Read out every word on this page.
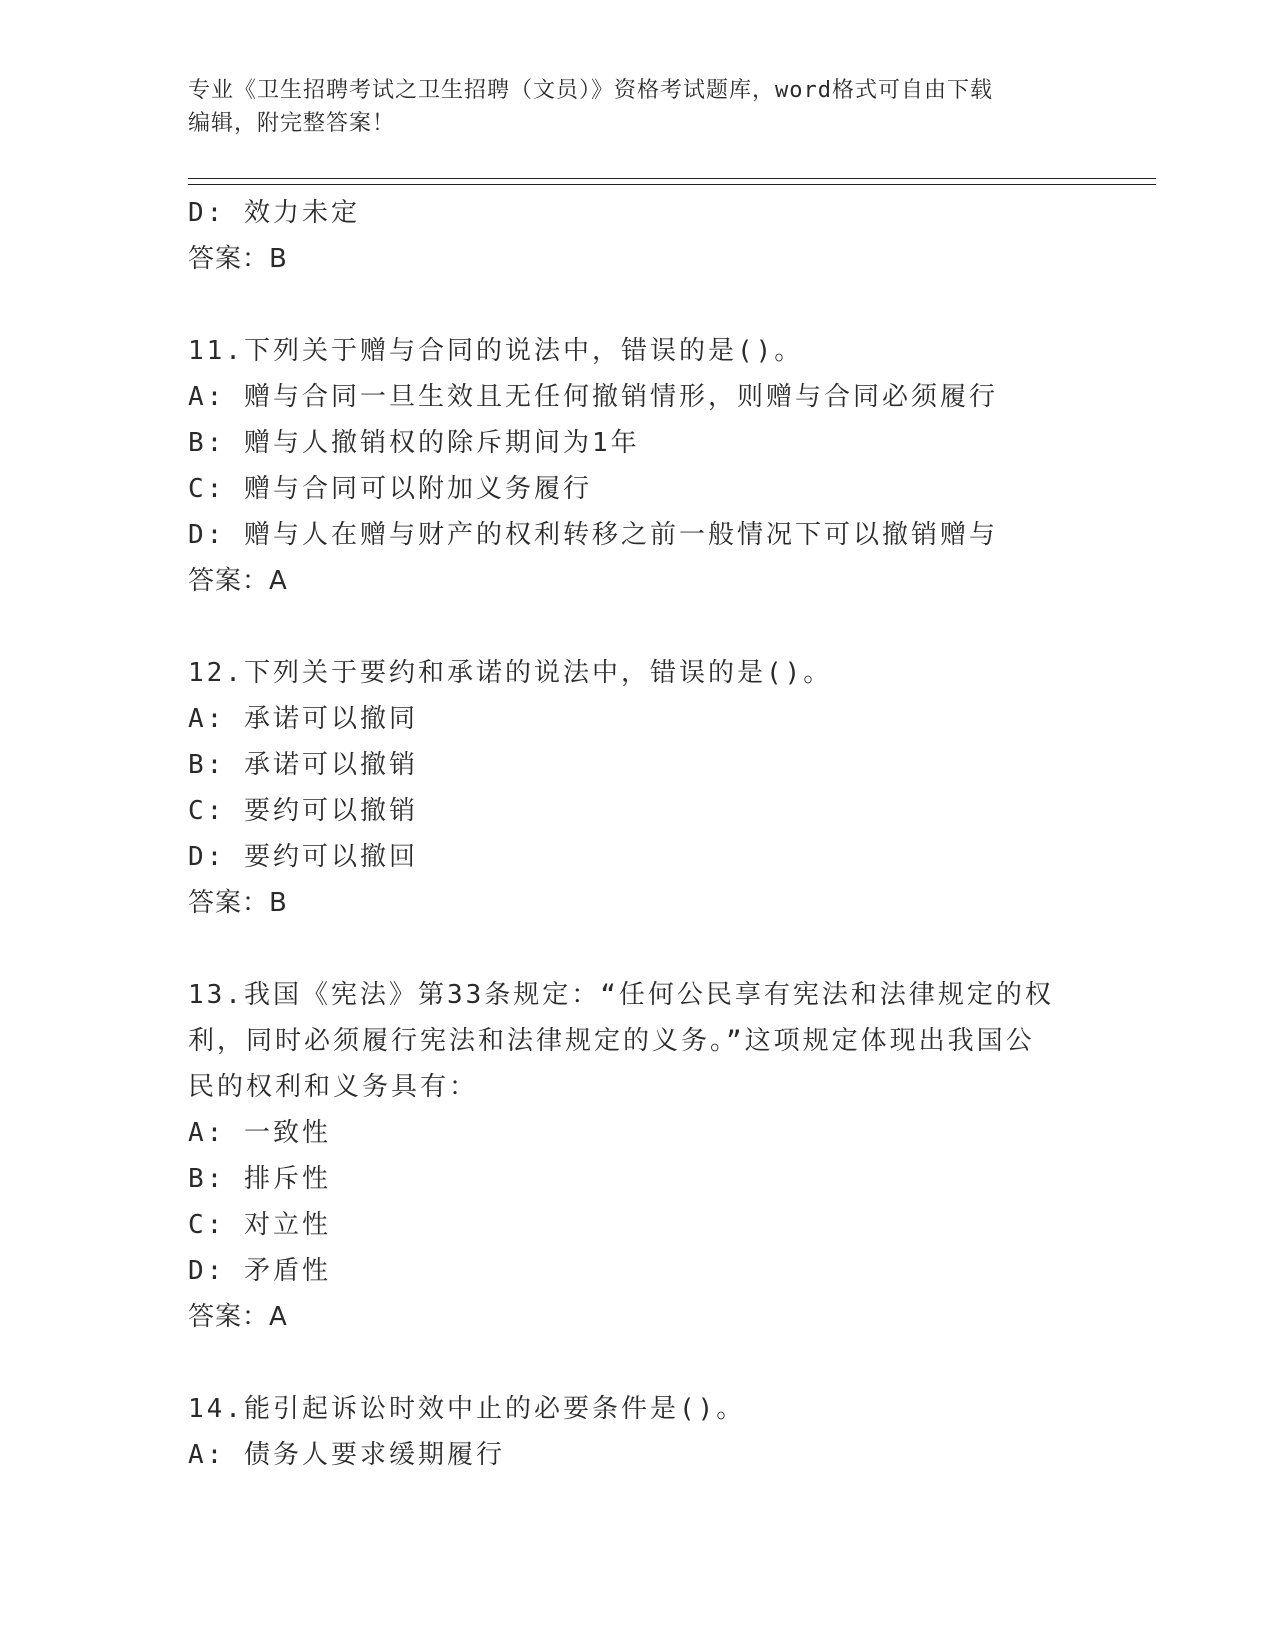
专业《卫生招聘考试之卫生招聘（文员）》资格考试题库，word格式可自由下载
编辑，附完整答案！
D: 效力未定
答案：B
11.下列关于赠与合同的说法中，错误的是()。
A: 赠与合同一旦生效且无任何撤销情形，则赠与合同必须履行
B: 赠与人撤销权的除斥期间为1年
C: 赠与合同可以附加义务履行
D: 赠与人在赠与财产的权利转移之前一般情况下可以撤销赠与
答案：A
12.下列关于要约和承诺的说法中，错误的是()。
A: 承诺可以撤同
B: 承诺可以撤销
C: 要约可以撤销
D: 要约可以撤回
答案：B
13.我国《宪法》第33条规定：“任何公民享有宪法和法律规定的权
利，同时必须履行宪法和法律规定的义务。”这项规定体现出我国公
民的权利和义务具有：
A: 一致性
B: 排斥性
C: 对立性
D: 矛盾性
答案：A
14.能引起诉讼时效中止的必要条件是()。
A: 债务人要求缓期履行
